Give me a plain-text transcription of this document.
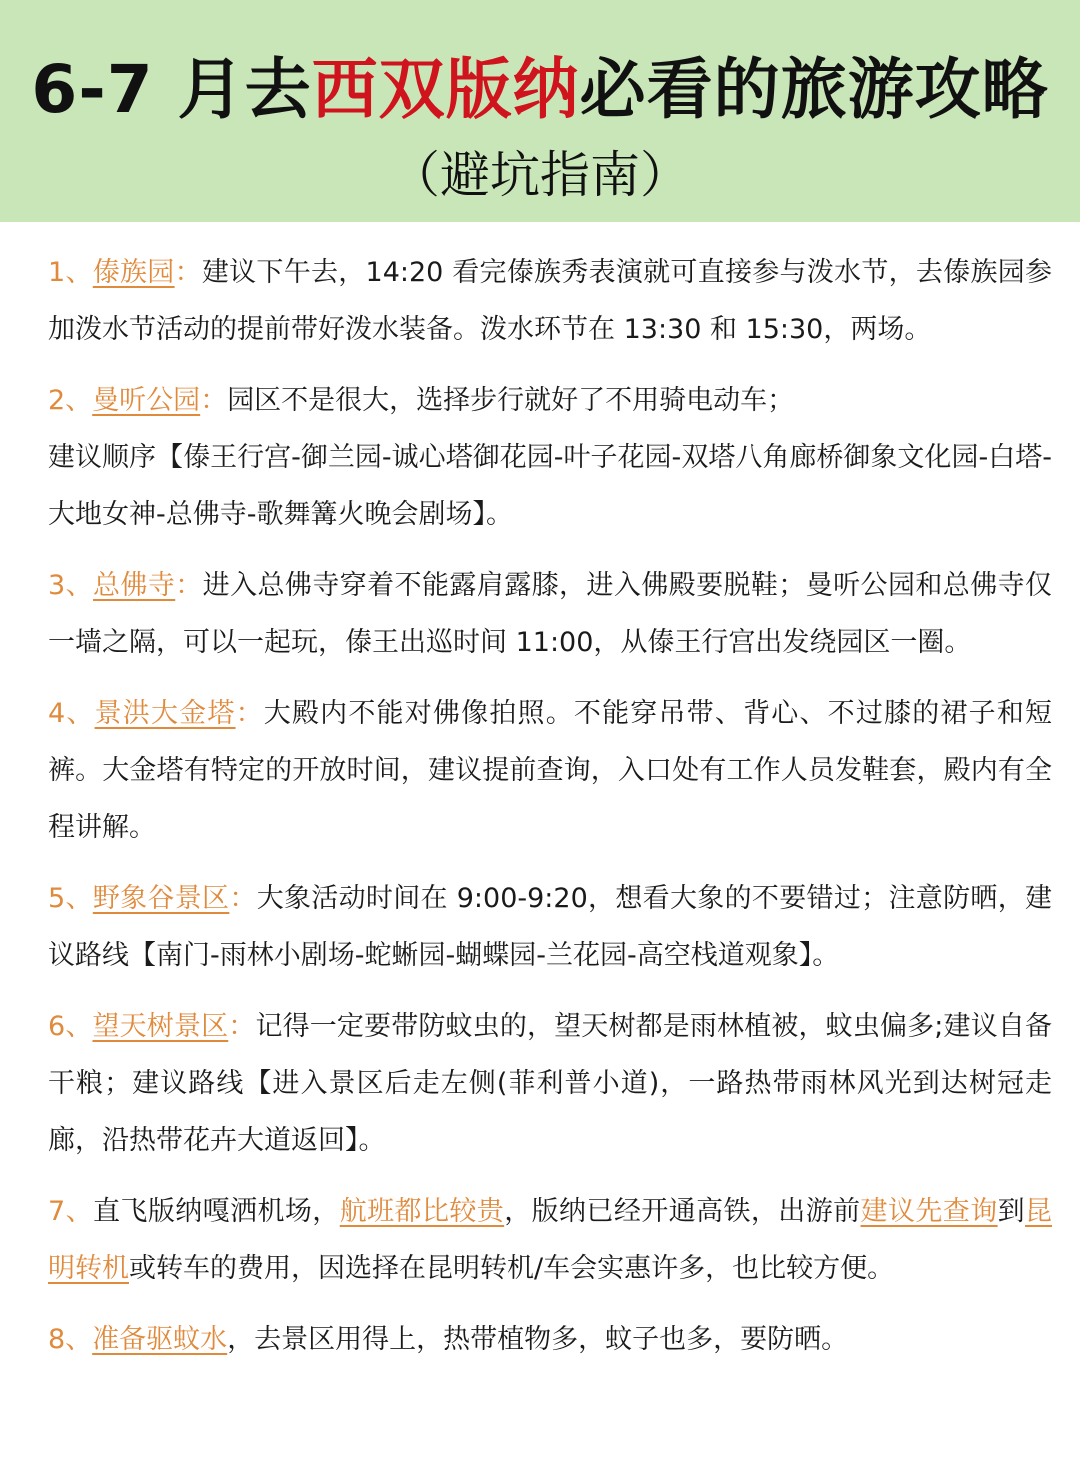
6-7 月去西双版纳必看的旅游攻略
（避坑指南）
1、傣族园：建议下午去，14:20 看完傣族秀表演就可直接参与泼水节，去傣族园参加泼水节活动的提前带好泼水装备。泼水环节在 13:30 和 15:30，两场。
2、曼听公园：园区不是很大，选择步行就好了不用骑电动车；
建议顺序【傣王行宫-御兰园-诚心塔御花园-叶子花园-双塔八角廊桥御象文化园-白塔-大地女神-总佛寺-歌舞篝火晚会剧场】。
3、总佛寺：进入总佛寺穿着不能露肩露膝，进入佛殿要脱鞋；曼听公园和总佛寺仅一墙之隔，可以一起玩，傣王出巡时间 11:00，从傣王行宫出发绕园区一圈。
4、景洪大金塔：大殿内不能对佛像拍照。不能穿吊带、背心、不过膝的裙子和短裤。大金塔有特定的开放时间，建议提前查询，入口处有工作人员发鞋套，殿内有全程讲解。
5、野象谷景区：大象活动时间在 9:00-9:20，想看大象的不要错过；注意防晒，建议路线【南门-雨林小剧场-蛇蜥园-蝴蝶园-兰花园-高空栈道观象】。
6、望天树景区：记得一定要带防蚊虫的，望天树都是雨林植被，蚊虫偏多;建议自备干粮；建议路线【进入景区后走左侧(菲利普小道)，一路热带雨林风光到达树冠走廊，沿热带花卉大道返回】。
7、直飞版纳嘎洒机场，航班都比较贵，版纳已经开通高铁，出游前建议先查询到昆明转机或转车的费用，因选择在昆明转机/车会实惠许多，也比较方便。
8、准备驱蚊水，去景区用得上，热带植物多，蚊子也多，要防晒。
